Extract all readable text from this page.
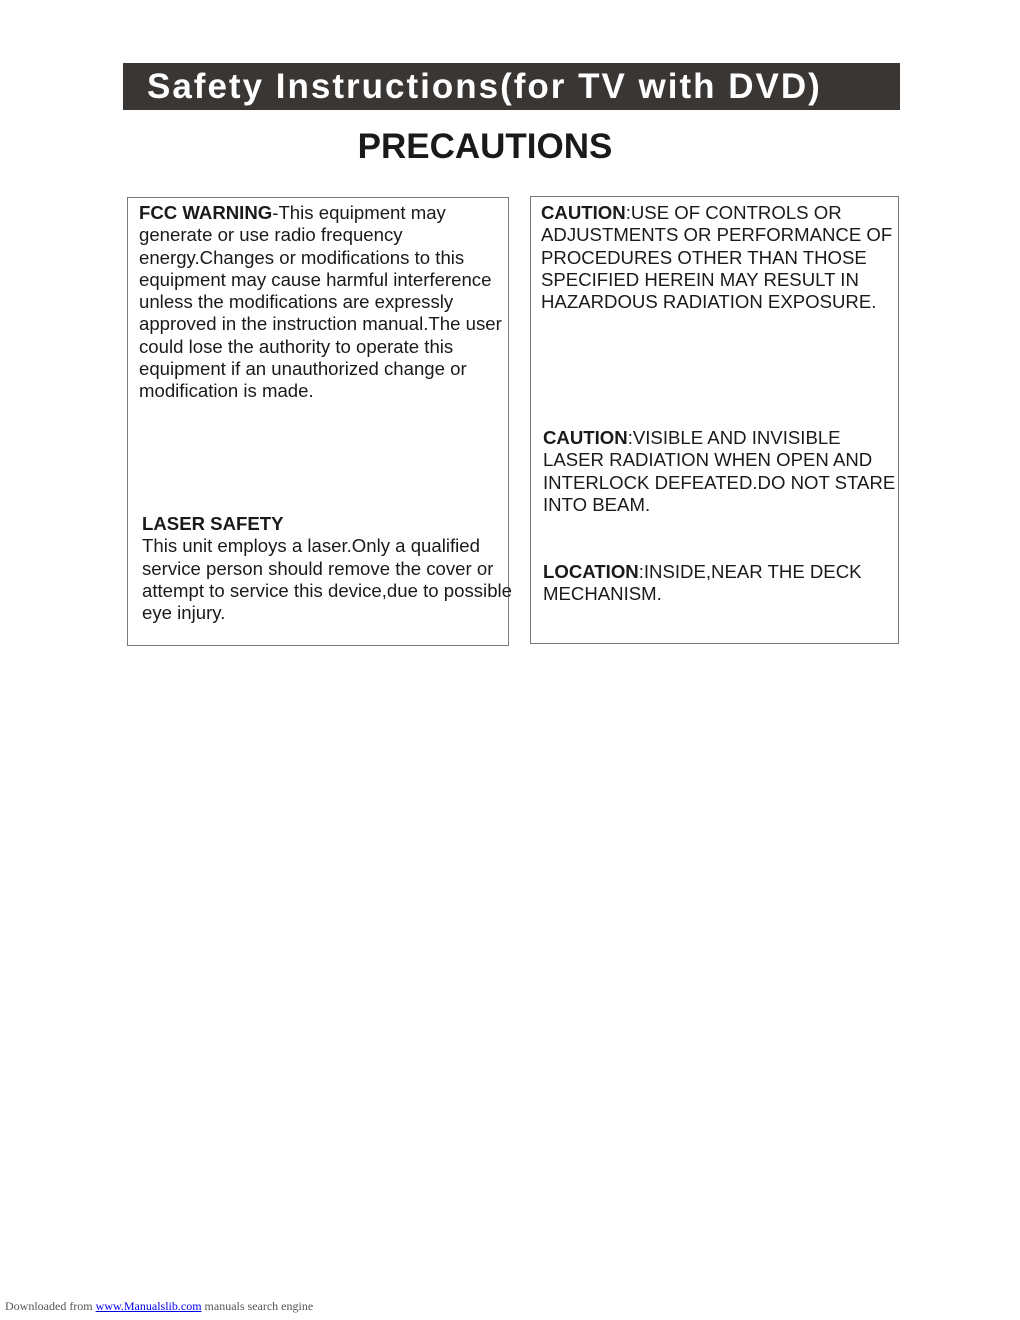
Safety Instructions(for TV with DVD)
PRECAUTIONS
FCC WARNING-This equipment may generate or use radio frequency energy.Changes or modifications to this equipment may cause harmful interference unless the modifications are expressly approved in the instruction manual.The user could lose the authority to operate this equipment if an unauthorized change or modification is made.
LASER SAFETY
This unit employs a laser.Only a qualified service person should remove the cover or attempt to service this device,due to possible eye injury.
CAUTION:USE OF CONTROLS OR ADJUSTMENTS OR PERFORMANCE OF PROCEDURES OTHER THAN THOSE SPECIFIED HEREIN MAY RESULT IN HAZARDOUS RADIATION EXPOSURE.
CAUTION:VISIBLE AND INVISIBLE LASER RADIATION WHEN OPEN AND INTERLOCK DEFEATED.DO NOT STARE INTO BEAM.
LOCATION:INSIDE,NEAR THE DECK MECHANISM.
Downloaded from www.Manualslib.com manuals search engine
